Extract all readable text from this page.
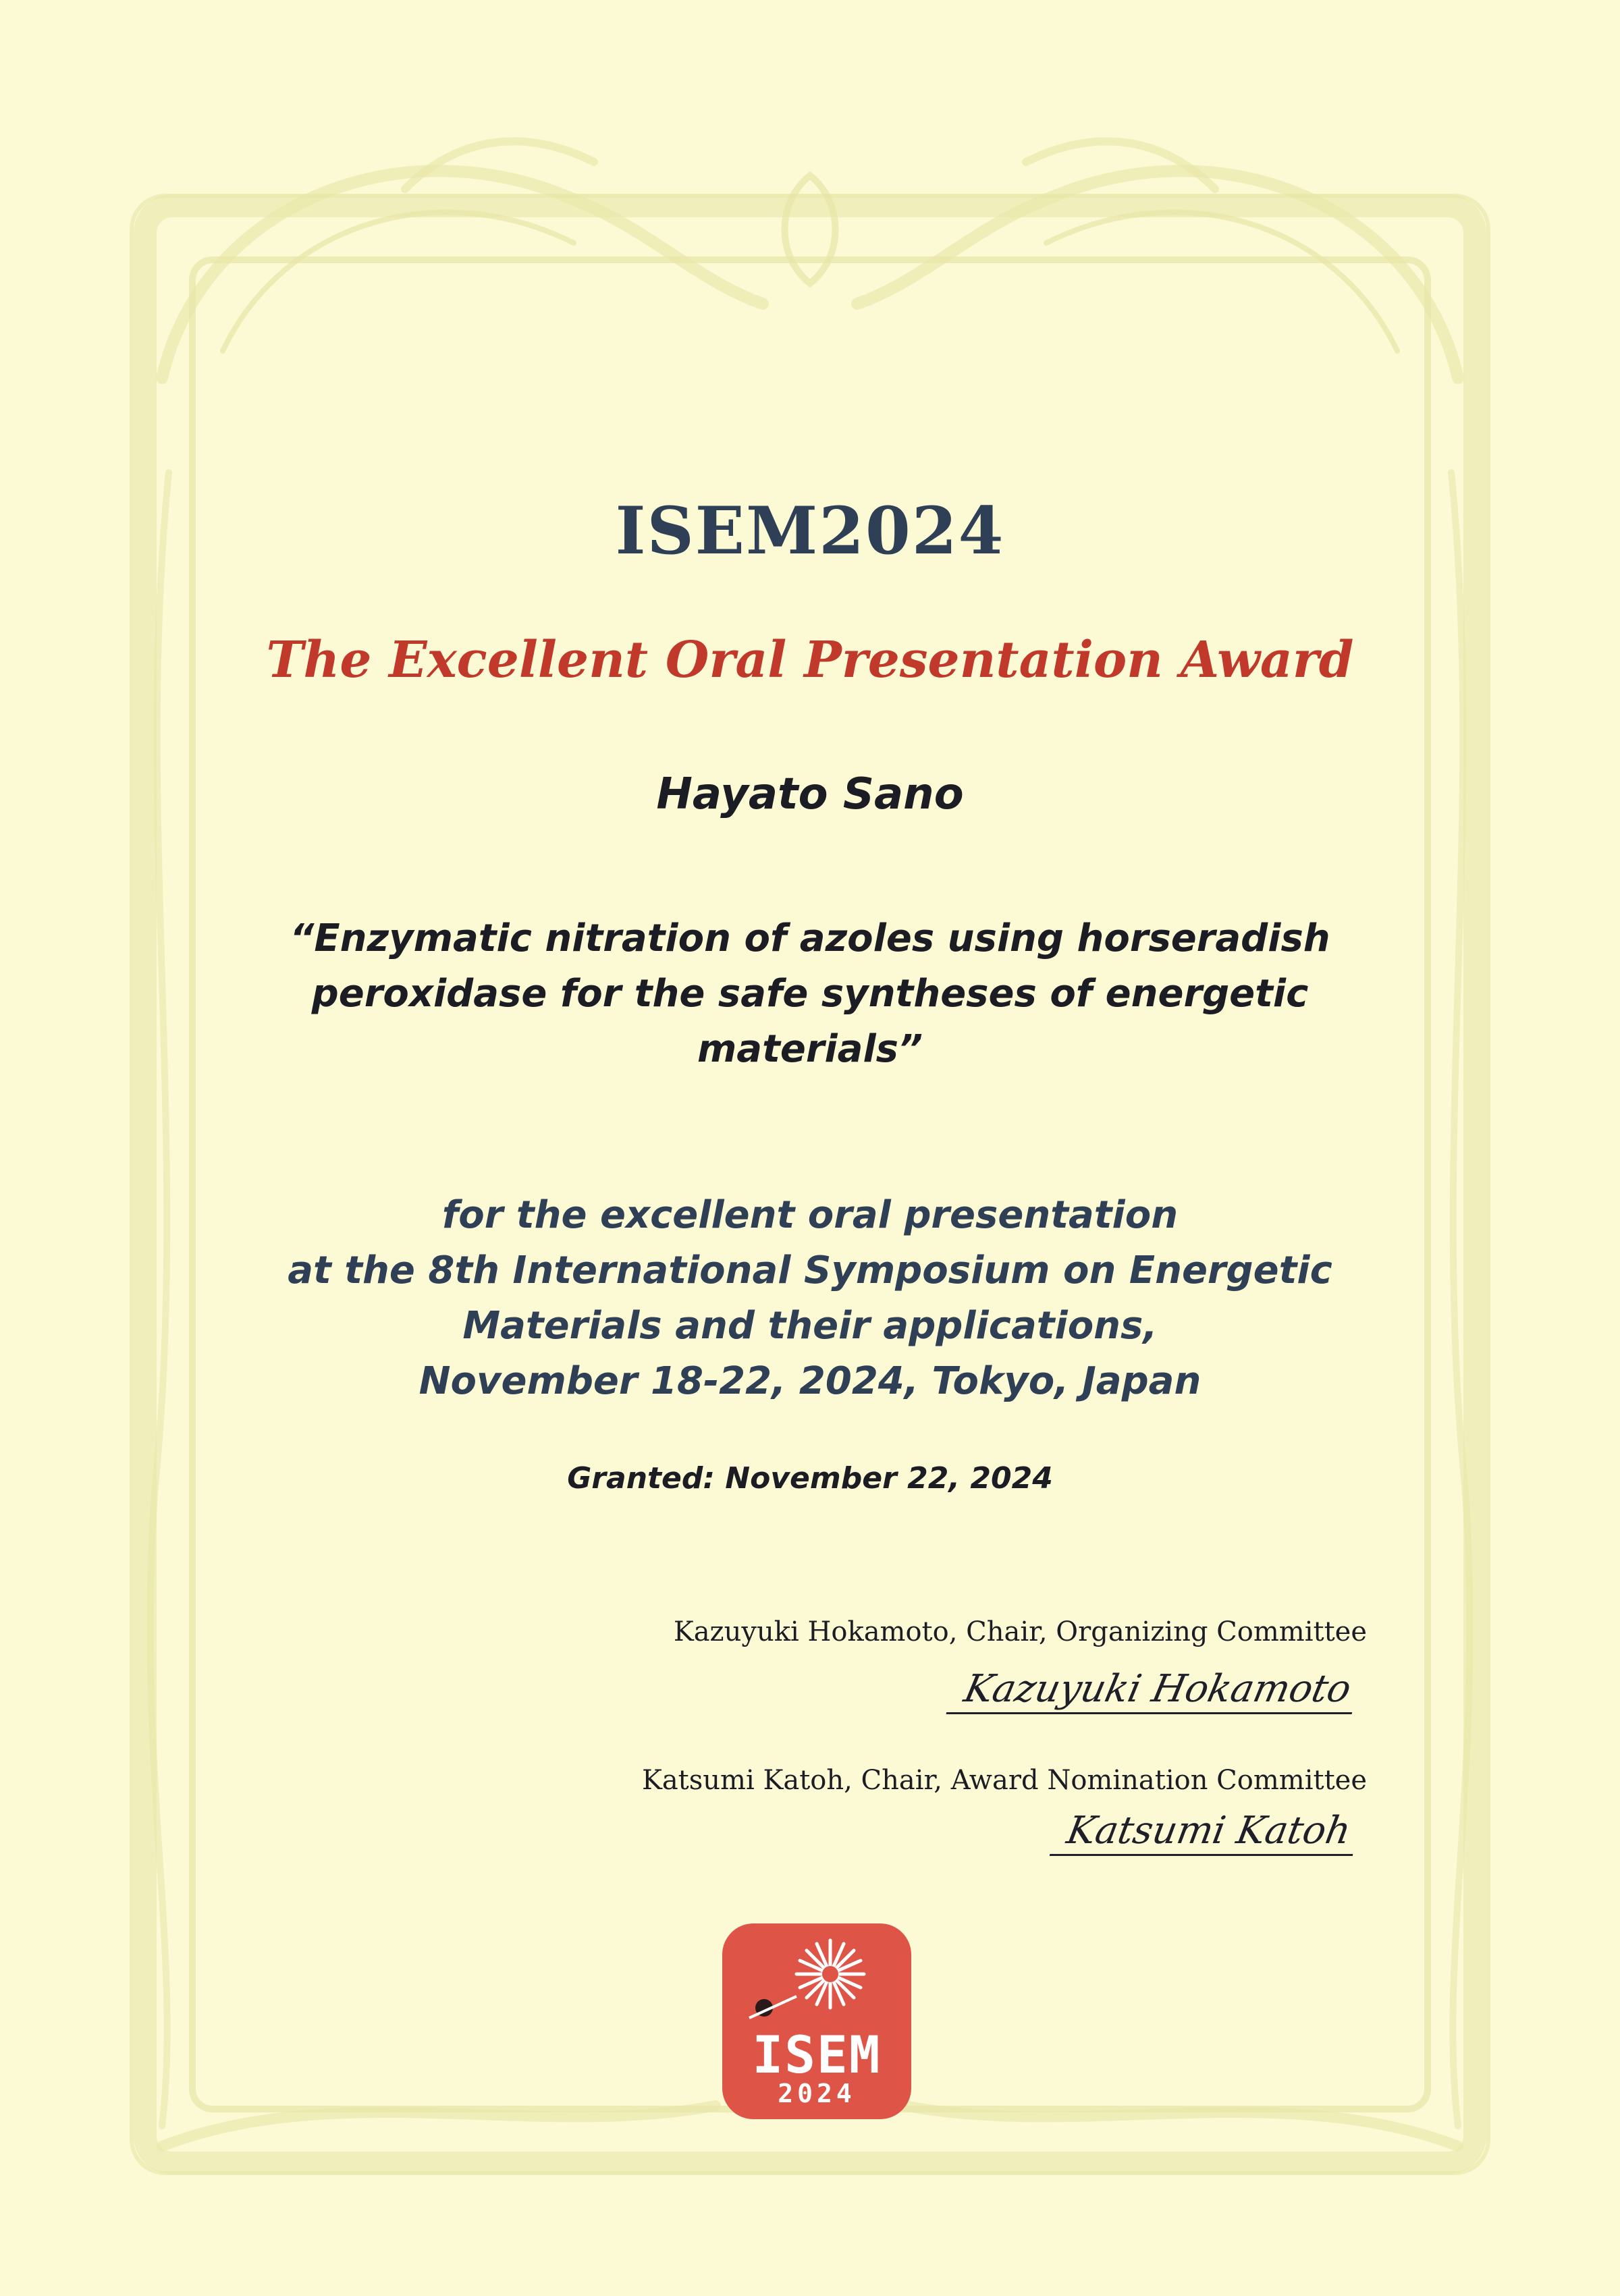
ISEM2024
The Excellent Oral Presentation Award
Hayato Sano
“Enzymatic nitration of azoles using horseradish
peroxidase for the safe syntheses of energetic
materials”
for the excellent oral presentation
at the 8th International Symposium on Energetic
Materials and their applications,
November 18-22, 2024, Tokyo, Japan
Granted: November 22, 2024
Kazuyuki Hokamoto, Chair, Organizing Committee
Kazuyuki Hokamoto
Katsumi Katoh, Chair, Award Nomination Committee
Katsumi Katoh
ISEM
2024
